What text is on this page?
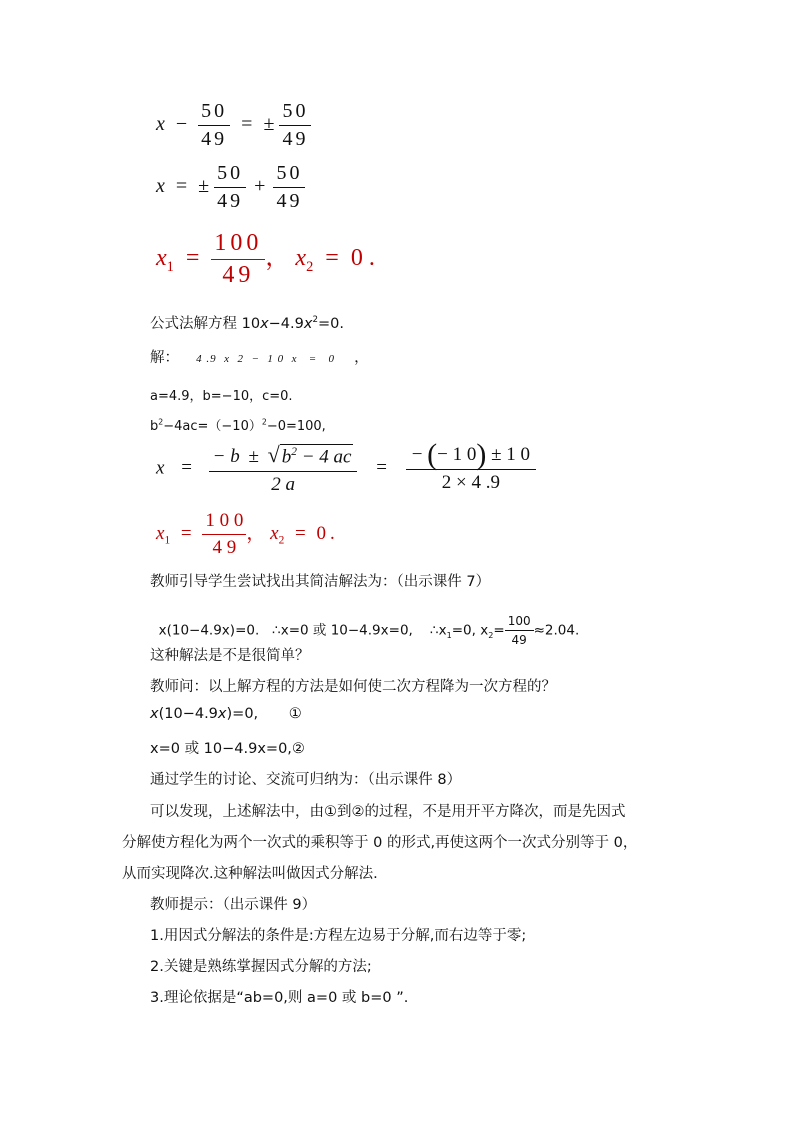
$x - \frac{50}{49}$ = ± $\frac{50}{49}$
x = ± $\frac{50}{49} + \frac{50}{49}$
$x_1 = \frac{100}{49}$ ， $x_2 = 0$ .
公式法解方程 $10x-4.9x^2=0$.
解： 4 .9  x  2  −  1 0  x   =   0 ，
a=4.9，b=−10，c=0.
$b^2-4ac=(-10)^2-0=100$,
$x = \frac{- b \pm √ b^2 - 4 ac}{2 a} = \frac{- (- 1 0) \pm 1 0}{2 \times 4 .9}$
$x_1 = \frac{1 0 0}{4 9}$ ， $x_2 = 0$ .
教师引导学生尝试找出其简洁解法为：（出示课件 7）

x(10−4.9x)=0.   ∴x=0 或 10−4.9x=0,    $\therefore x_1=0$, $x_2= \frac{100}{49} \approx 2.04$.

这种解法是不是很简单？
教师问：以上解方程的方法是如何使二次方程降为一次方程的？
x(10−4.9x)=0, ①
x=0 或 10−4.9x=0,②
通过学生的讨论、交流可归纳为：（出示课件 8）
可以发现，上述解法中，由①到②的过程，不是用开平方降次，而是先因式
分解使方程化为两个一次式的乘积等于 0 的形式,再使这两个一次式分别等于 0，
从而实现降次.这种解法叫做因式分解法.
教师提示：（出示课件 9）
1.用因式分解法的条件是:方程左边易于分解,而右边等于零;
2.关键是熟练掌握因式分解的方法;
3.理论依据是“ab=0,则 a=0 或 b=0 ”.
